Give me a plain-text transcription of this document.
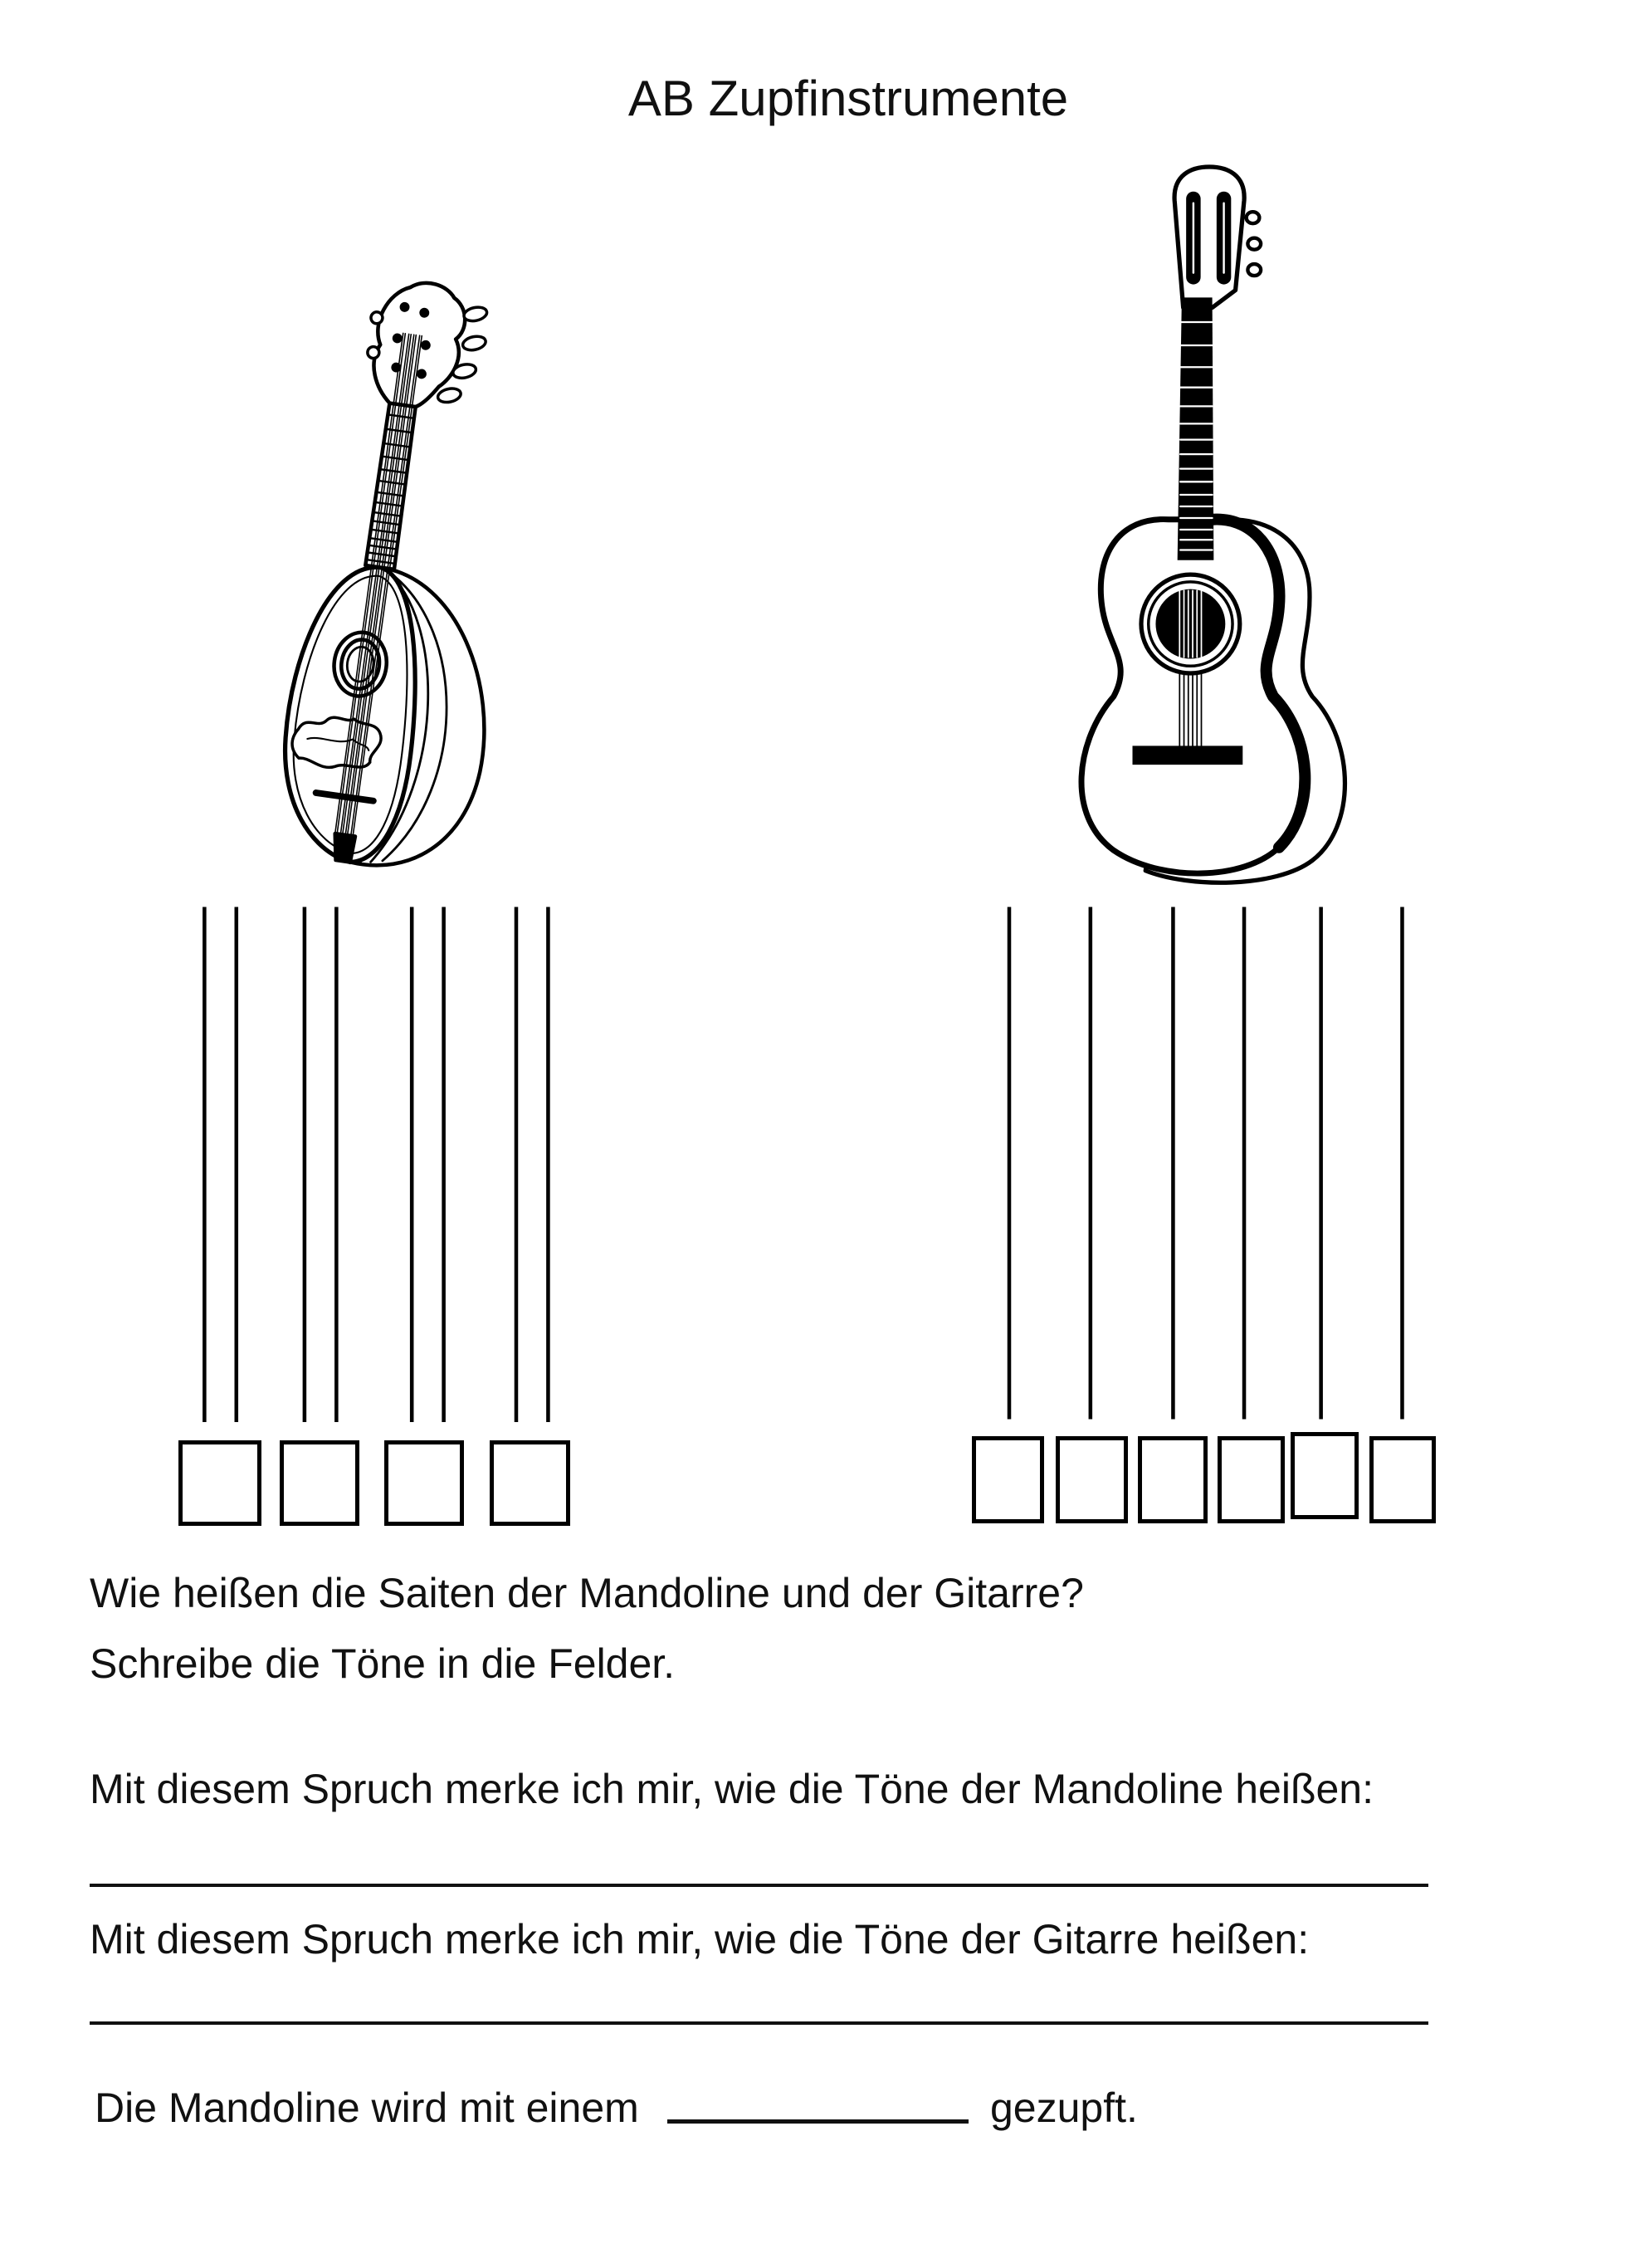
AB Zupfinstrumente
Wie heißen die Saiten der Mandoline und der Gitarre?
Schreibe die Töne in die Felder.
Mit diesem Spruch merke ich mir, wie die Töne der Mandoline heißen:
Mit diesem Spruch merke ich mir, wie die Töne der Gitarre heißen:
Die Mandoline wird mit einem	gezupft.
